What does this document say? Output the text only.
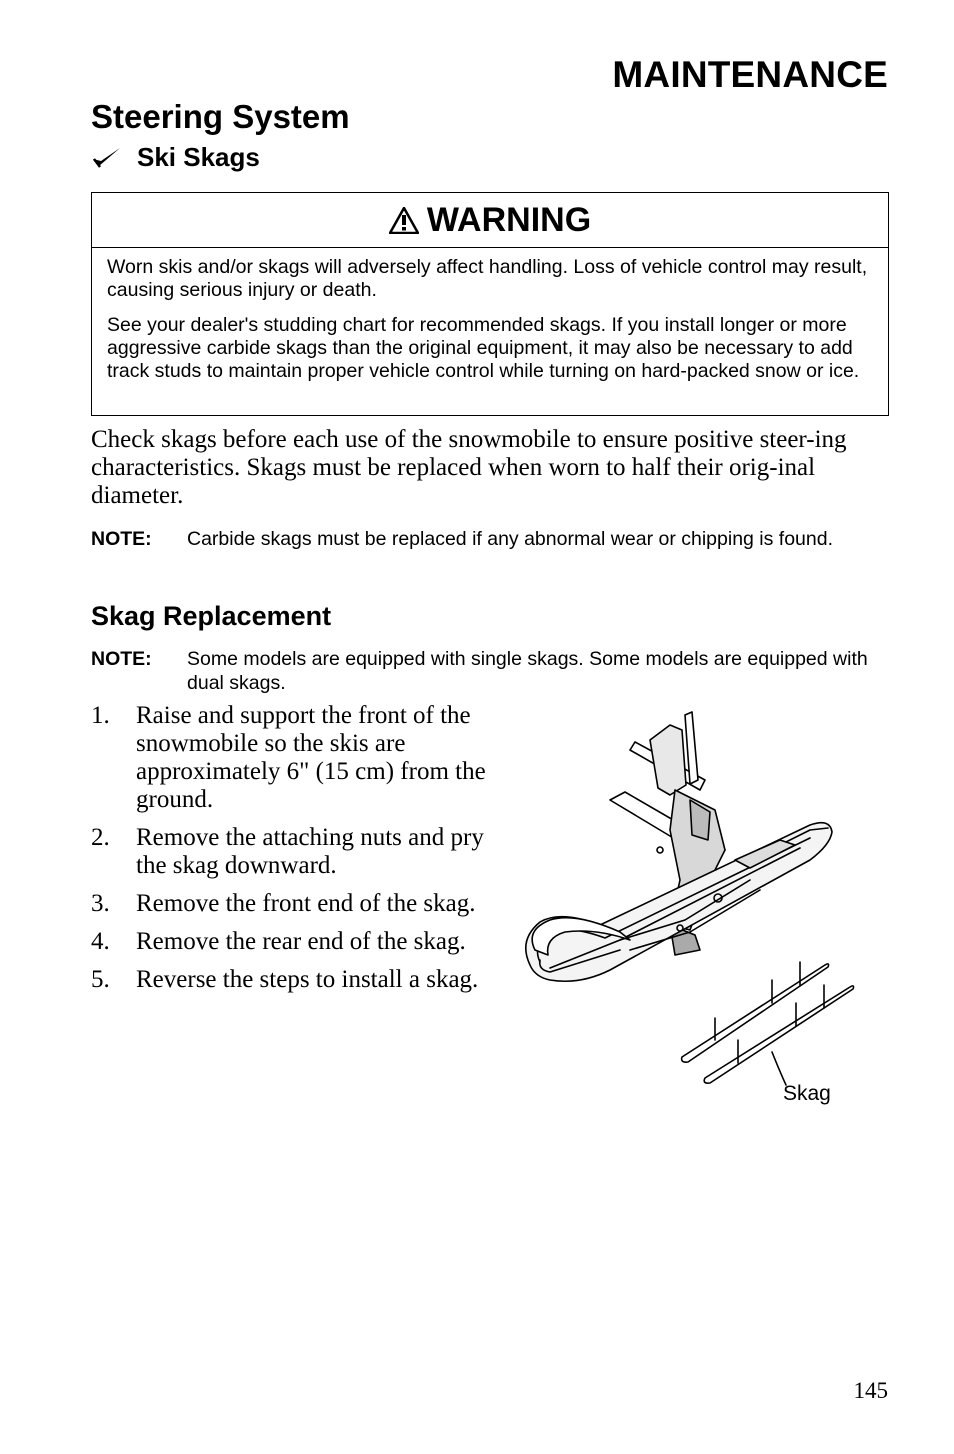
MAINTENANCE
Steering System
Ski Skags
WARNING

Worn skis and/or skags will adversely affect handling. Loss of vehicle control may result, causing serious injury or death.

See your dealer's studding chart for recommended skags. If you install longer or more aggressive carbide skags than the original equipment, it may also be necessary to add track studs to maintain proper vehicle control while turning on hard-packed snow or ice.

Check skags before each use of the snowmobile to ensure positive steer-ing characteristics. Skags must be replaced when worn to half their orig-inal diameter.
NOTE: Carbide skags must be replaced if any abnormal wear or chipping is found.
Skag Replacement
NOTE: Some models are equipped with single skags. Some models are equipped with dual skags.
1. Raise and support the front of the snowmobile so the skis are approximately 6" (15 cm) from the ground.
2. Remove the attaching nuts and pry the skag downward.
3. Remove the front end of the skag.
4. Remove the rear end of the skag.
5. Reverse the steps to install a skag.
Skag
145
